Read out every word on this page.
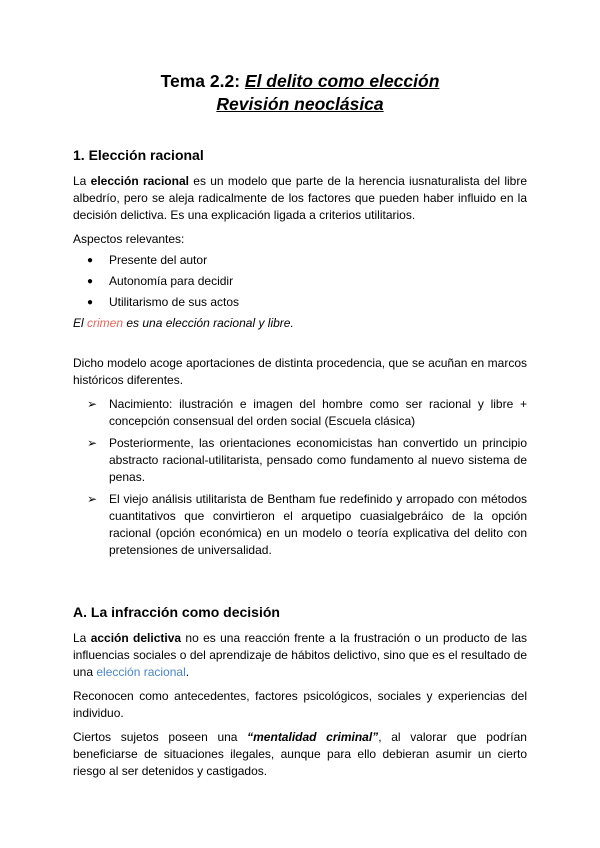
Tema 2.2: El delito como elección
Revisión neoclásica
1. Elección racional

La elección racional es un modelo que parte de la herencia iusnaturalista del libre albedrío, pero se aleja radicalmente de los factores que pueden haber influido en la decisión delictiva. Es una explicación ligada a criterios utilitarios.

Aspectos relevantes:

● Presente del autor
● Autonomía para decidir
● Utilitarismo de sus actos

El crimen es una elección racional y libre.

Dicho modelo acoge aportaciones de distinta procedencia, que se acuñan en marcos históricos diferentes.

➢ Nacimiento: ilustración e imagen del hombre como ser racional y libre + concepción consensual del orden social (Escuela clásica)
➢ Posteriormente, las orientaciones economicistas han convertido un principio abstracto racional-utilitarista, pensado como fundamento al nuevo sistema de penas.
➢ El viejo análisis utilitarista de Bentham fue redefinido y arropado con métodos cuantitativos que convirtieron el arquetipo cuasialgebráico de la opción racional (opción económica) en un modelo o teoría explicativa del delito con pretensiones de universalidad.
A. La infracción como decisión

La acción delictiva no es una reacción frente a la frustración o un producto de las influencias sociales o del aprendizaje de hábitos delictivo, sino que es el resultado de una elección racional.

Reconocen como antecedentes, factores psicológicos, sociales y experiencias del individuo.

Ciertos sujetos poseen una “mentalidad criminal”, al valorar que podrían beneficiarse de situaciones ilegales, aunque para ello debieran asumir un cierto riesgo al ser detenidos y castigados.
